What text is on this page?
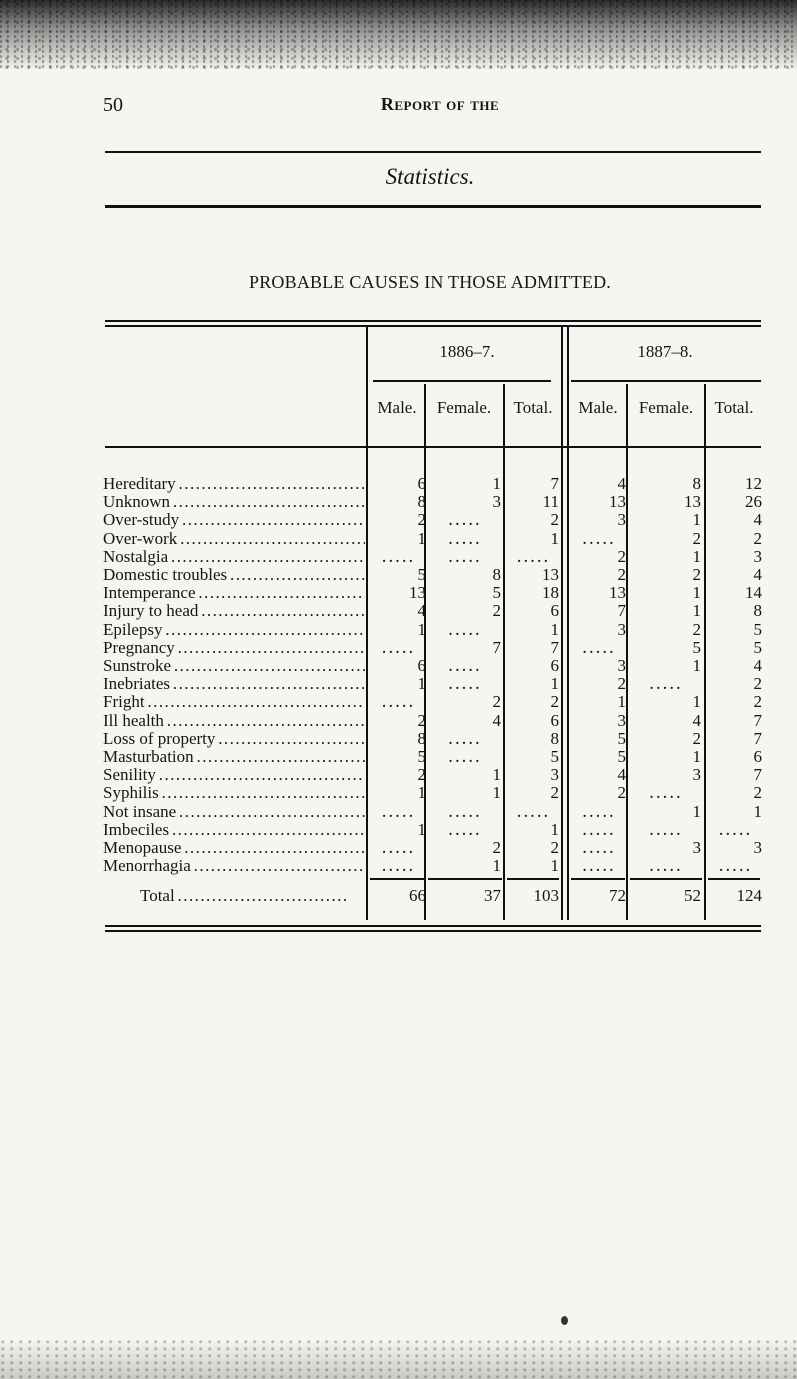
50	Report of the
Statistics.
PROBABLE CAUSES IN THOSE ADMITTED.
1886–7.	1887–8.
Male.	Female.	Total.	Male.	Female.	Total.
Hereditary . . .	6	1	7	4	8	12
Unknown . . .	8	3	11	13	13	26
Over-study . . .	2	․․․․․	2	3	1	4
Over-work . . .	1	․․․․․	1	․․․․․	2	2
Nostalgia . . .	․․․․․	․․․․․	․․․․․	2	1	3
Domestic troubles . . .	5	8	13	2	2	4
Intemperance . . .	13	5	18	13	1	14
Injury to head . . .	4	2	6	7	1	8
Epilepsy . . .	1	․․․․․	1	3	2	5
Pregnancy . . .	․․․․․	7	7	․․․․․	5	5
Sunstroke . . .	6	․․․․․	6	3	1	4
Inebriates . . .	1	․․․․․	1	2	․․․․․	2
Fright . . .	․․․․․	2	2	1	1	2
Ill health . . .	2	4	6	3	4	7
Loss of property . . .	8	․․․․․	8	5	2	7
Masturbation . . .	5	․․․․․	5	5	1	6
Senility . . .	2	1	3	4	3	7
Syphilis . . .	1	1	2	2	․․․․․	2
Not insane . . .	․․․․․	․․․․․	․․․․․	․․․․․	1	1
Imbeciles . . .	1	․․․․․	1	․․․․․	․․․․․	․․․․․
Menopause . . .	․․․․․	2	2	․․․․․	3	3
Menorrhagia . . .	․․․․․	1	1	․․․․․	․․․․․	․․․․․
Total . . .	66	37	103	72	52	124
